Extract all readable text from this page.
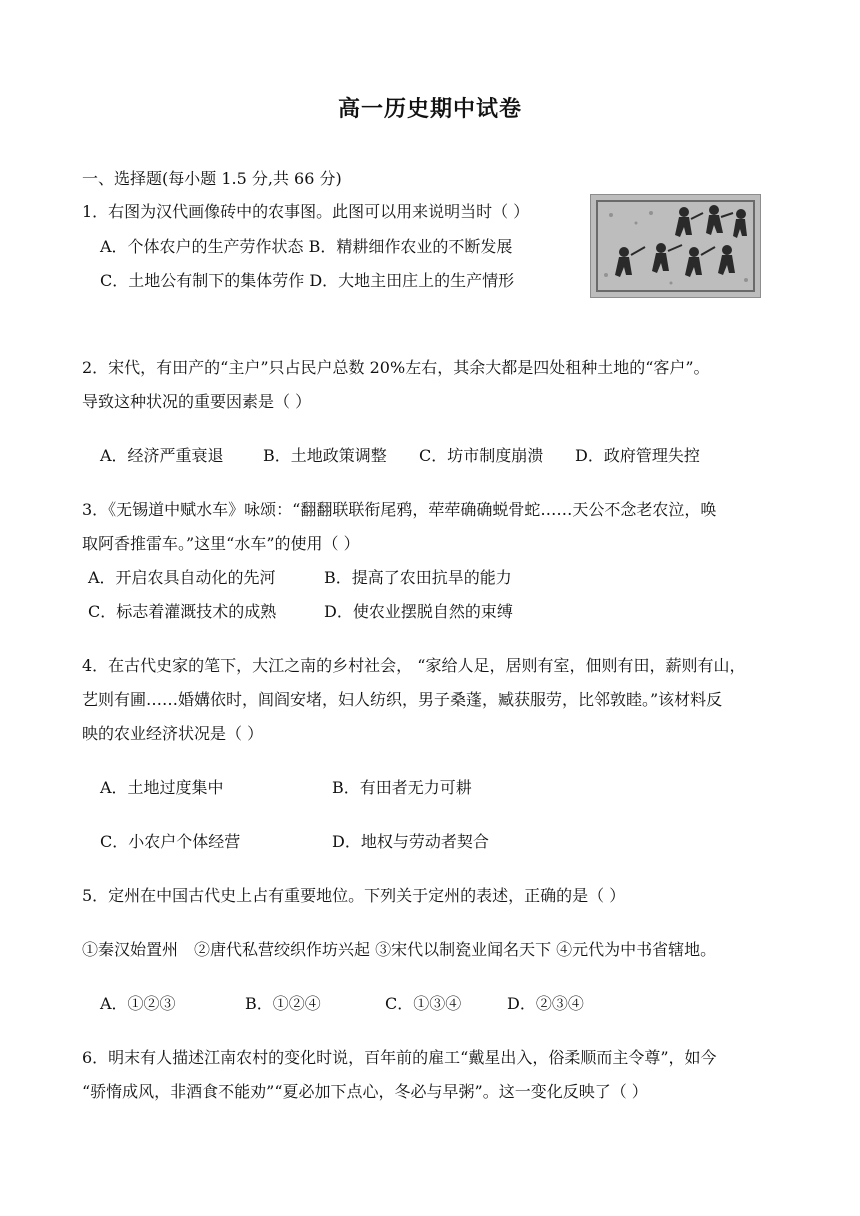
高一历史期中试卷
一、选择题(每小题 1.5 分,共 66 分)
1．右图为汉代画像砖中的农事图。此图可以用来说明当时（ ）
A．个体农户的生产劳作状态 B．精耕细作农业的不断发展
C．土地公有制下的集体劳作 D．大地主田庄上的生产情形
2．宋代，有田产的“主户”只占民户总数 20%左右，其余大都是四处租种土地的“客户”。
导致这种状况的重要因素是（ ）
A．经济严重衰退 B．土地政策调整 C．坊市制度崩溃 D．政府管理失控
3．《无锡道中赋水车》咏颂：“翻翻联联衔尾鸦，荦荦确确蜕骨蛇……天公不念老农泣，唤
取阿香推雷车。”这里“水车”的使用（ ）
A．开启农具自动化的先河	B．提高了农田抗旱的能力
C．标志着灌溉技术的成熟	D．使农业摆脱自然的束缚
4．在古代史家的笔下，大江之南的乡村社会， “家给人足，居则有室，佃则有田，薪则有山，
艺则有圃……婚媾依时，闾阎安堵，妇人纺织，男子桑蓬，臧获服劳，比邻敦睦。”该材料反
映的农业经济状况是（ ）
A．土地过度集中	B．有田者无力可耕
C．小农户个体经营	D．地权与劳动者契合
5．定州在中国古代史上占有重要地位。下列关于定州的表述，正确的是（ ）
①秦汉始置州　②唐代私营绞织作坊兴起 ③宋代以制瓷业闻名天下 ④元代为中书省辖地。
A．①②③	B．①②④	C．①③④	D．②③④
6．明末有人描述江南农村的变化时说，百年前的雇工“戴星出入，俗柔顺而主令尊”，如今
“骄惰成风，非酒食不能劝”“夏必加下点心，冬必与早粥”。这一变化反映了（ ）
